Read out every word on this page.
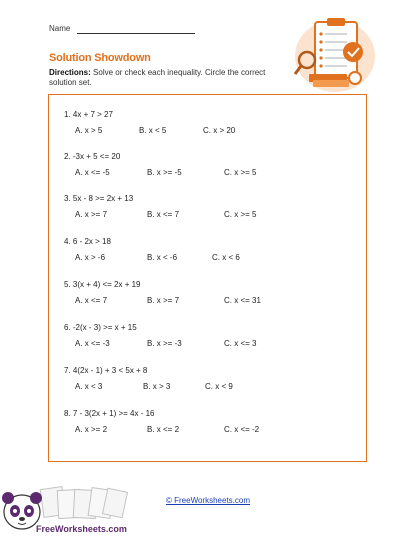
Name
Solution Showdown
Directions: Solve or check each inequality. Circle the correct solution set.
1. 4x + 7 > 27
A. x > 5	B. x < 5	C. x > 20
2. -3x + 5 <= 20
A. x <= -5	B. x >= -5	C. x >= 5
3. 5x - 8 >= 2x + 13
A. x >= 7	B. x <= 7	C. x >= 5
4. 6 - 2x > 18
A. x > -6	B. x < -6	C. x < 6
5. 3(x + 4) <= 2x + 19
A. x <= 7	B. x >= 7	C. x <= 31
6. -2(x - 3) >= x + 15
A. x <= -3	B. x >= -3	C. x <= 3
7. 4(2x - 1) + 3 < 5x + 8
A. x < 3	B. x > 3	C. x < 9
8. 7 - 3(2x + 1) >= 4x - 16
A. x >= 2	B. x <= 2	C. x <= -2
FreeWorksheets.com
© FreeWorksheets.com
